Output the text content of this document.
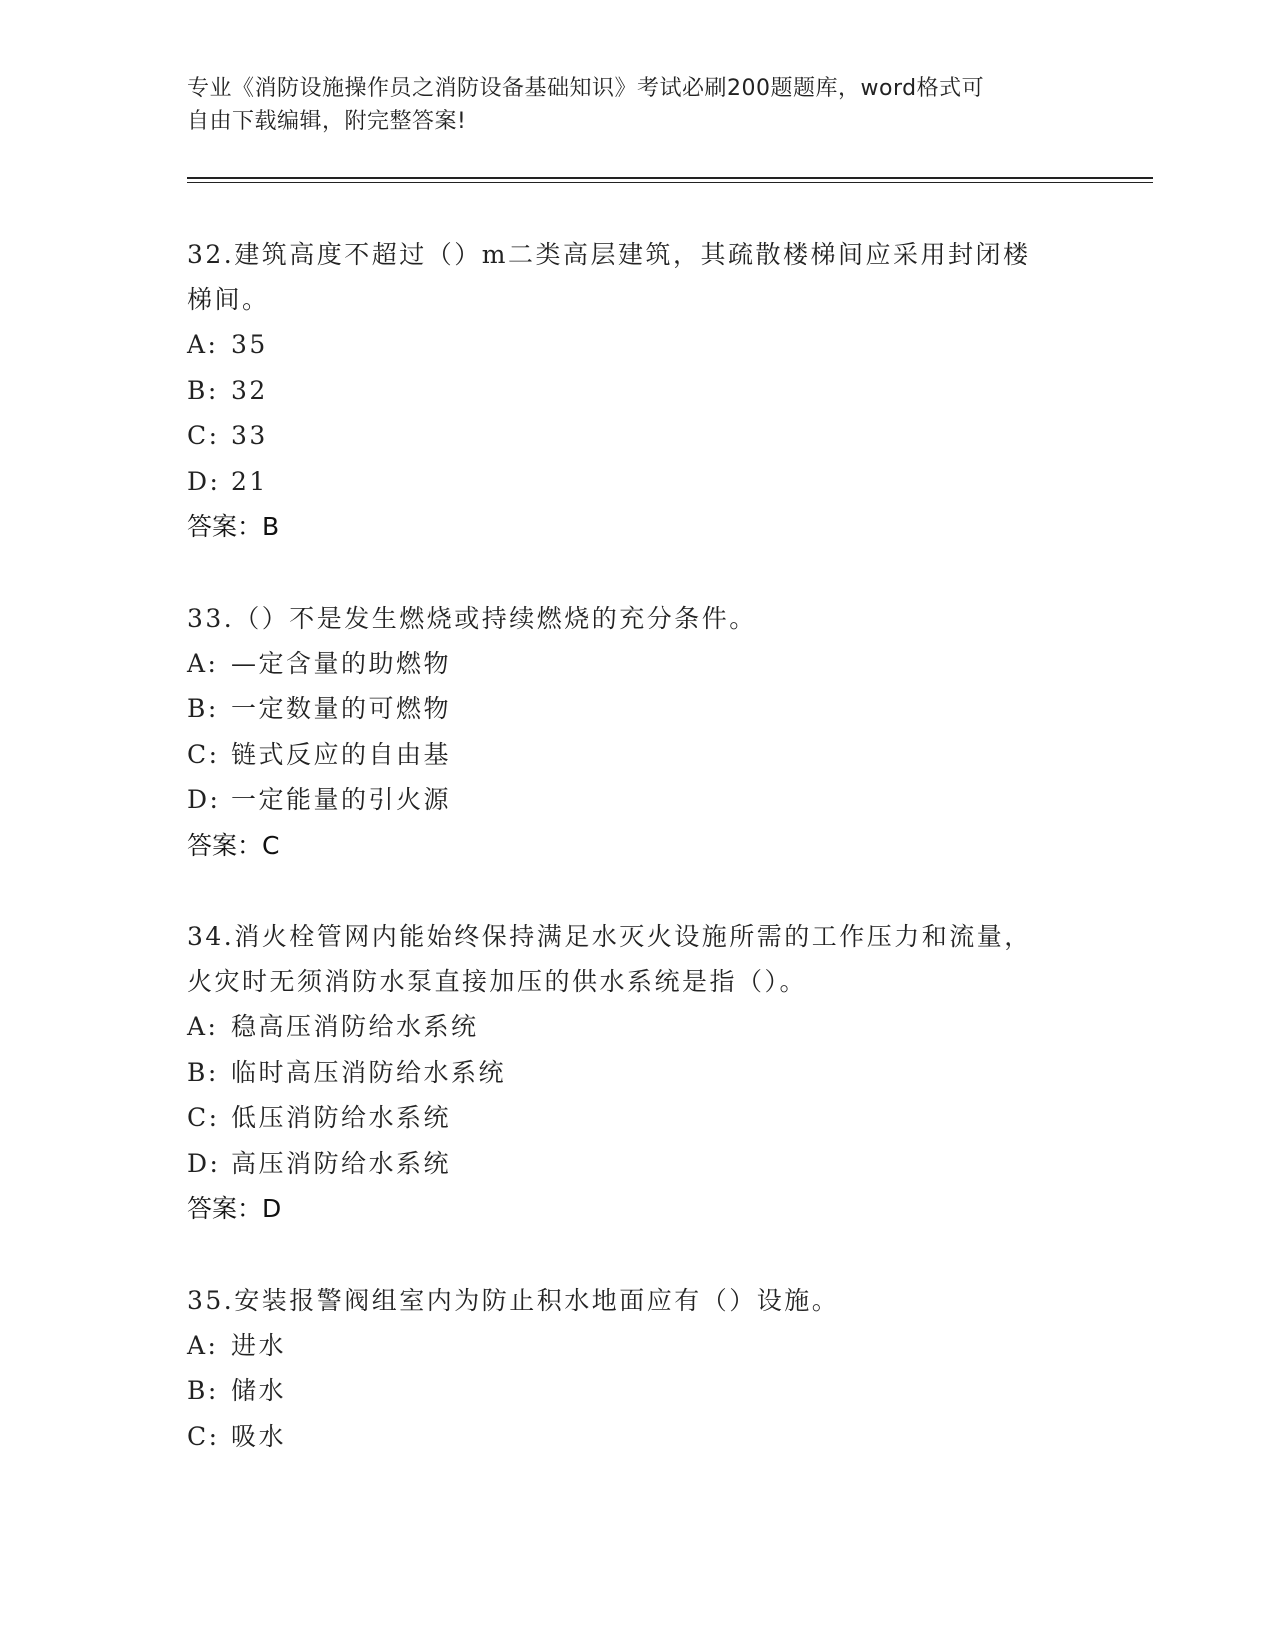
专业《消防设施操作员之消防设备基础知识》考试必刷200题题库，word格式可
自由下载编辑，附完整答案!

32.建筑高度不超过（）m二类高层建筑，其疏散楼梯间应采用封闭楼
梯间。

A: 35

B: 32

C: 33

D: 21

答案：B

33.（）不是发生燃烧或持续燃烧的充分条件。

A: —定含量的助燃物

B: 一定数量的可燃物

C: 链式反应的自由基

D: 一定能量的引火源

答案：C

34.消火栓管网内能始终保持满足水灭火设施所需的工作压力和流量，
火灾时无须消防水泵直接加压的供水系统是指（）。

A: 稳高压消防给水系统

B: 临时高压消防给水系统

C: 低压消防给水系统

D: 高压消防给水系统

答案：D

35.安装报警阀组室内为防止积水地面应有（）设施。

A: 进水

B: 储水

C: 吸水
